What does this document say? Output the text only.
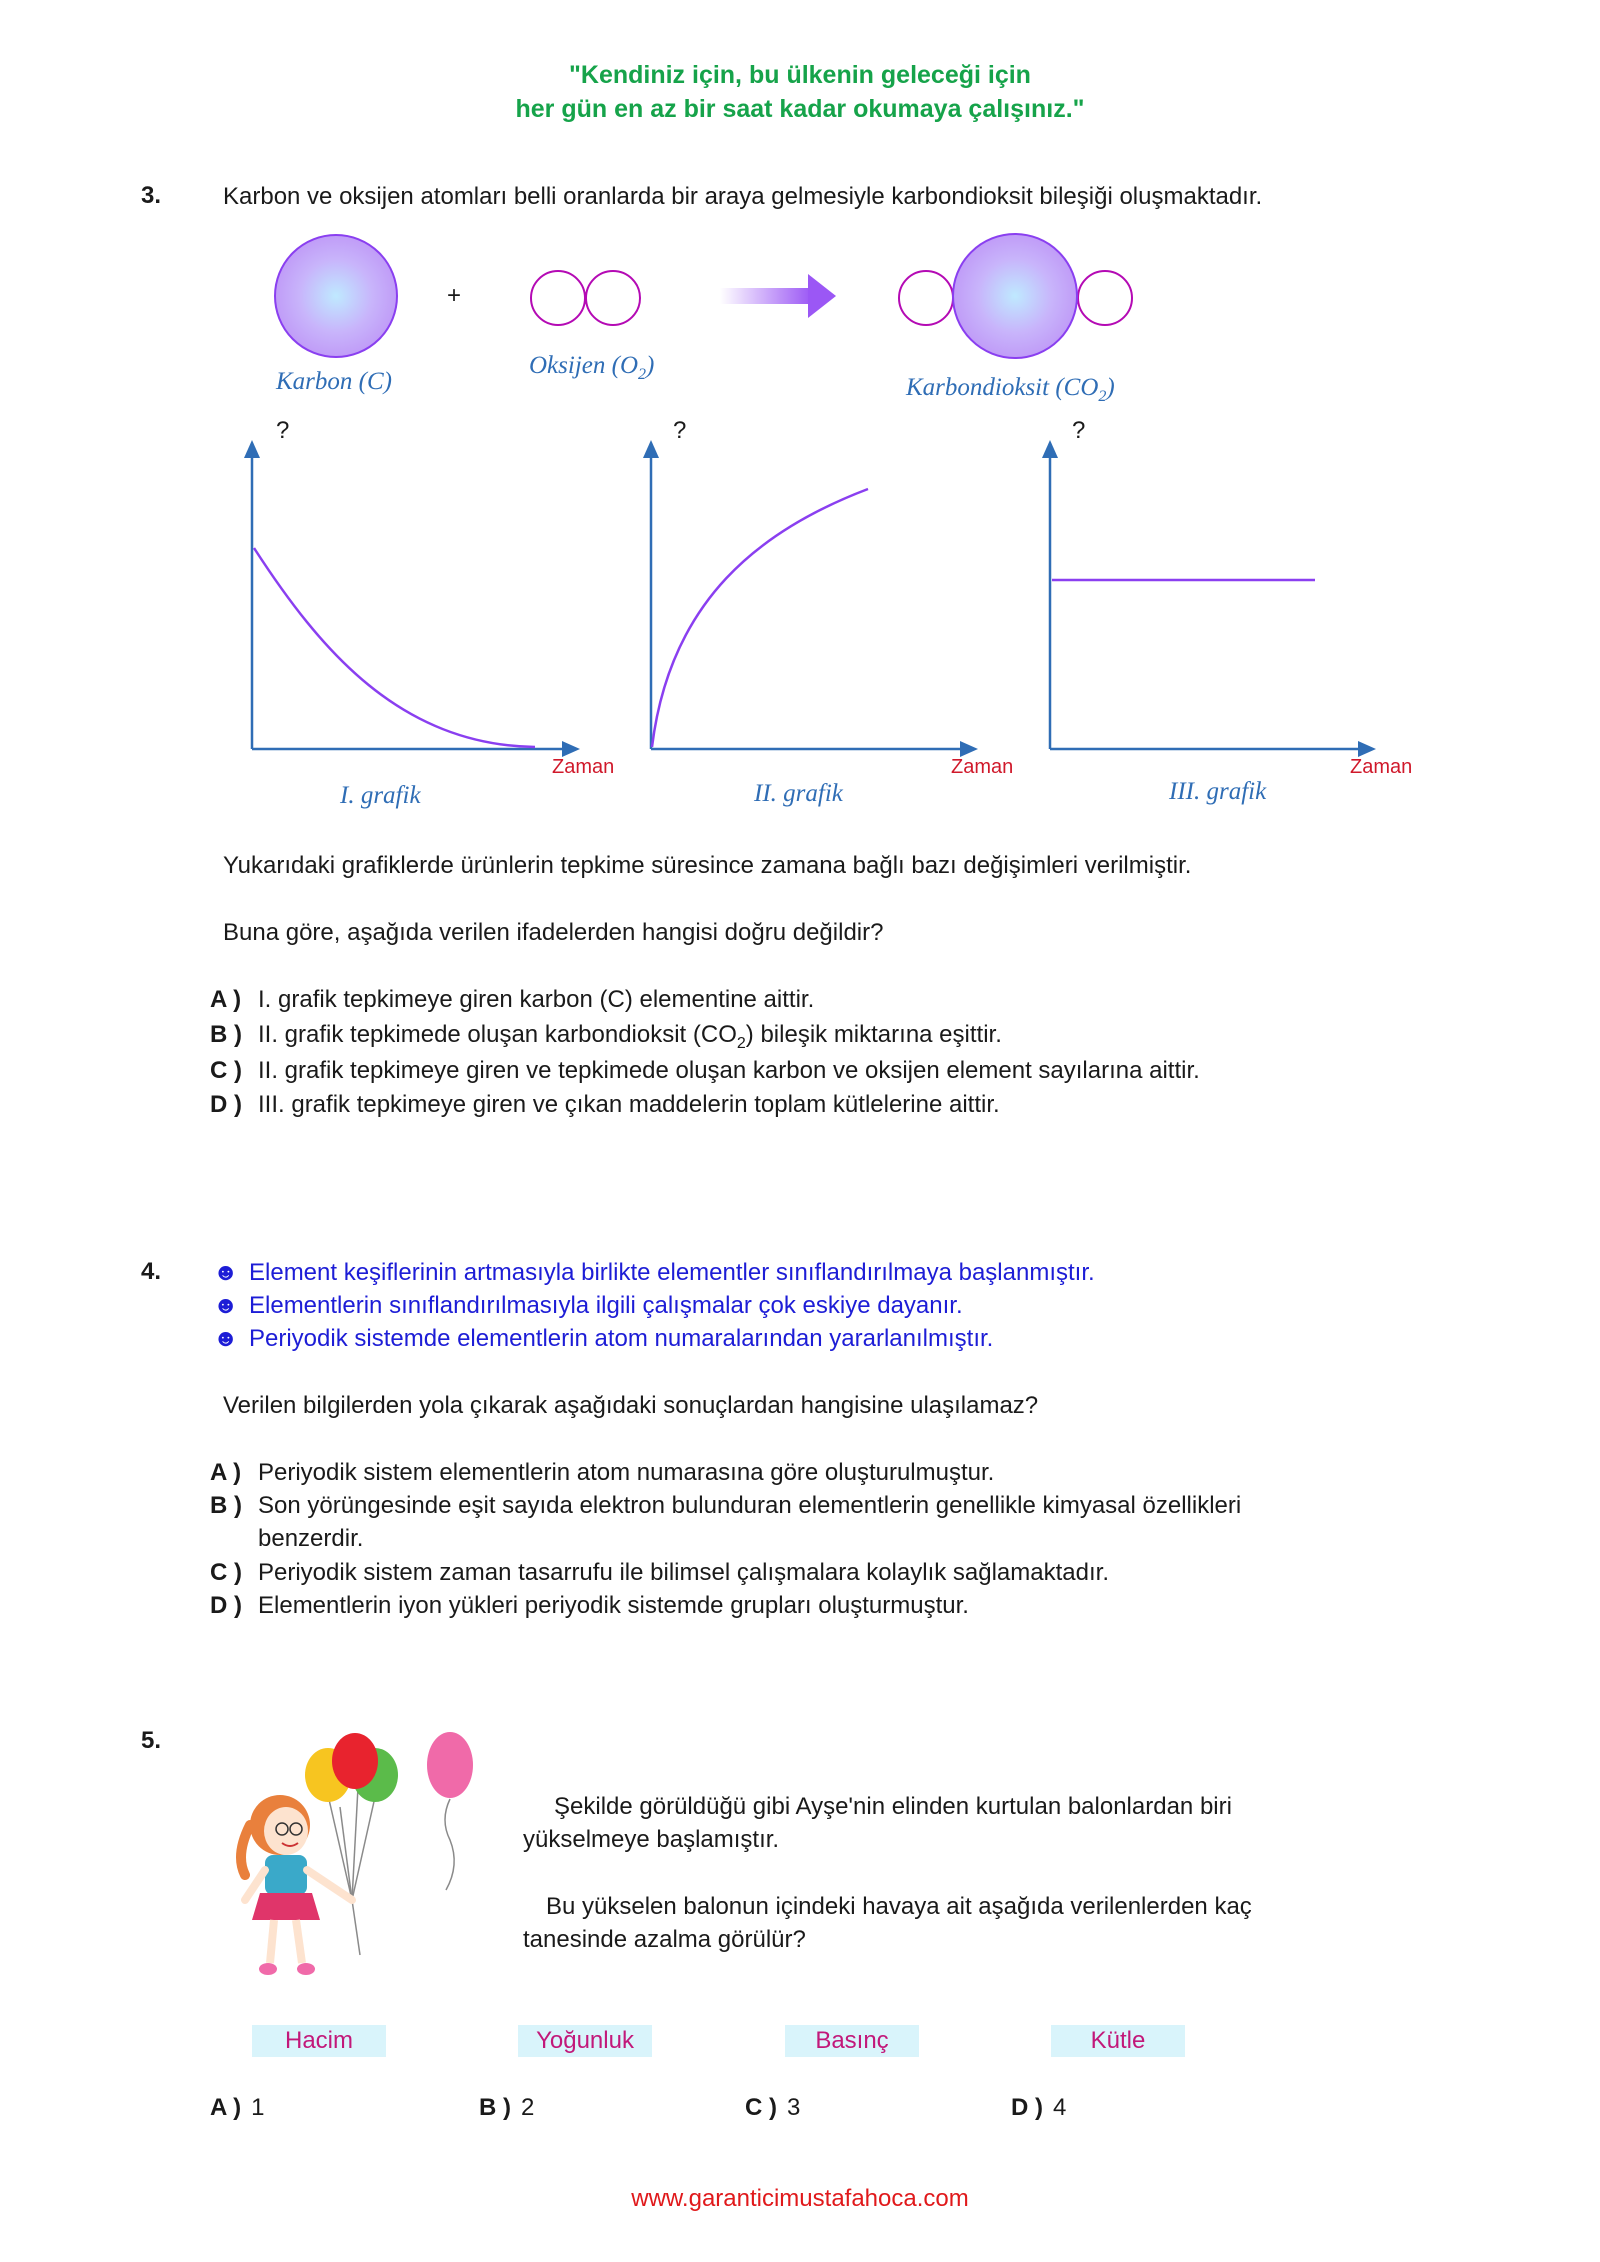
"Kendiniz için, bu ülkenin geleceği için
her gün en az bir saat kadar okumaya çalışınız."
3.	Karbon ve oksijen atomları belli oranlarda bir araya gelmesiyle karbondioksit bileşiği oluşmaktadır.
+
Karbon (C)
Oksijen $(O_2)$
Karbondioksit $(CO_2)$
?	?	?
Zaman	Zaman	Zaman
I. grafik	II. grafik	III. grafik
Yukarıdaki grafiklerde ürünlerin tepkime süresince zamana bağlı bazı değişimleri verilmiştir.
Buna göre, aşağıda verilen ifadelerden hangisi doğru değildir?
A ) I. grafik tepkimeye giren karbon (C) elementine aittir.
B ) II. grafik tepkimede oluşan karbondioksit $(CO_2)$ bileşik miktarına eşittir.
C ) II. grafik tepkimeye giren ve tepkimede oluşan karbon ve oksijen element sayılarına aittir.
D ) III. grafik tepkimeye giren ve çıkan maddelerin toplam kütlelerine aittir.
4. ☻ Element keşiflerinin artmasıyla birlikte elementler sınıflandırılmaya başlanmıştır.
☻ Elementlerin sınıflandırılmasıyla ilgili çalışmalar çok eskiye dayanır.
☻ Periyodik sistemde elementlerin atom numaralarından yararlanılmıştır.
Verilen bilgilerden yola çıkarak aşağıdaki sonuçlardan hangisine ulaşılamaz?
A ) Periyodik sistem elementlerin atom numarasına göre oluşturulmuştur.
B ) Son yörüngesinde eşit sayıda elektron bulunduran elementlerin genellikle kimyasal özellikleri
benzerdir.
C ) Periyodik sistem zaman tasarrufu ile bilimsel çalışmalara kolaylık sağlamaktadır.
D ) Elementlerin iyon yükleri periyodik sistemde grupları oluşturmuştur.
5.
Şekilde görüldüğü gibi Ayşe'nin elinden kurtulan balonlardan biri
yükselmeye başlamıştır.
Bu yükselen balonun içindeki havaya ait aşağıda verilenlerden kaç
tanesinde azalma görülür?
Hacim	Yoğunluk	Basınç	Kütle
A ) 1	B ) 2	C ) 3	D ) 4
www.garanticimustafahoca.com
